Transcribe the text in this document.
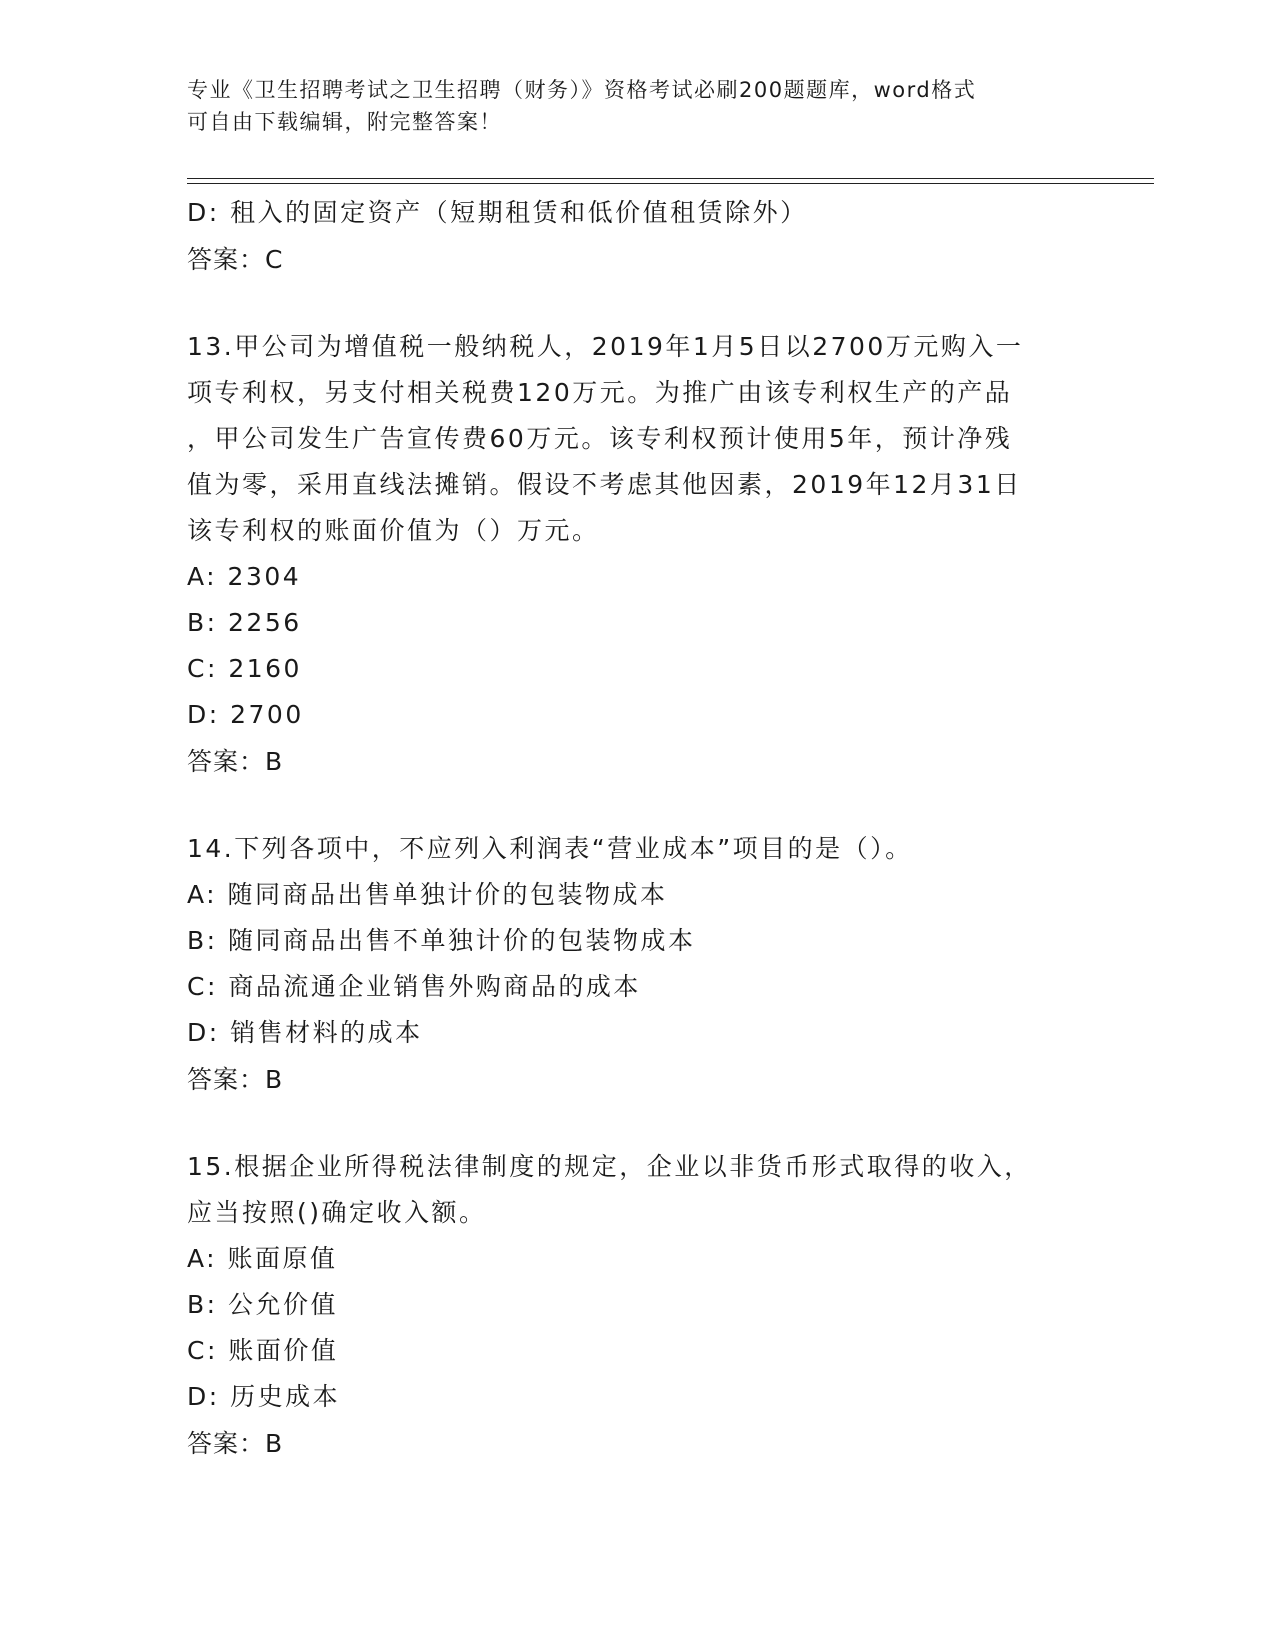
专业《卫生招聘考试之卫生招聘（财务）》资格考试必刷200题题库，word格式
可自由下载编辑，附完整答案！
D: 租入的固定资产（短期租赁和低价值租赁除外）
答案：C
13.甲公司为增值税一般纳税人，2019年1月5日以2700万元购入一
项专利权，另支付相关税费120万元。为推广由该专利权生产的产品
，甲公司发生广告宣传费60万元。该专利权预计使用5年，预计净残
值为零，采用直线法摊销。假设不考虑其他因素，2019年12月31日
该专利权的账面价值为（）万元。
A: 2304
B: 2256
C: 2160
D: 2700
答案：B
14.下列各项中，不应列入利润表“营业成本”项目的是（）。
A: 随同商品出售单独计价的包装物成本
B: 随同商品出售不单独计价的包装物成本
C: 商品流通企业销售外购商品的成本
D: 销售材料的成本
答案：B
15.根据企业所得税法律制度的规定，企业以非货币形式取得的收入，
应当按照()确定收入额。
A: 账面原值
B: 公允价值
C: 账面价值
D: 历史成本
答案：B
